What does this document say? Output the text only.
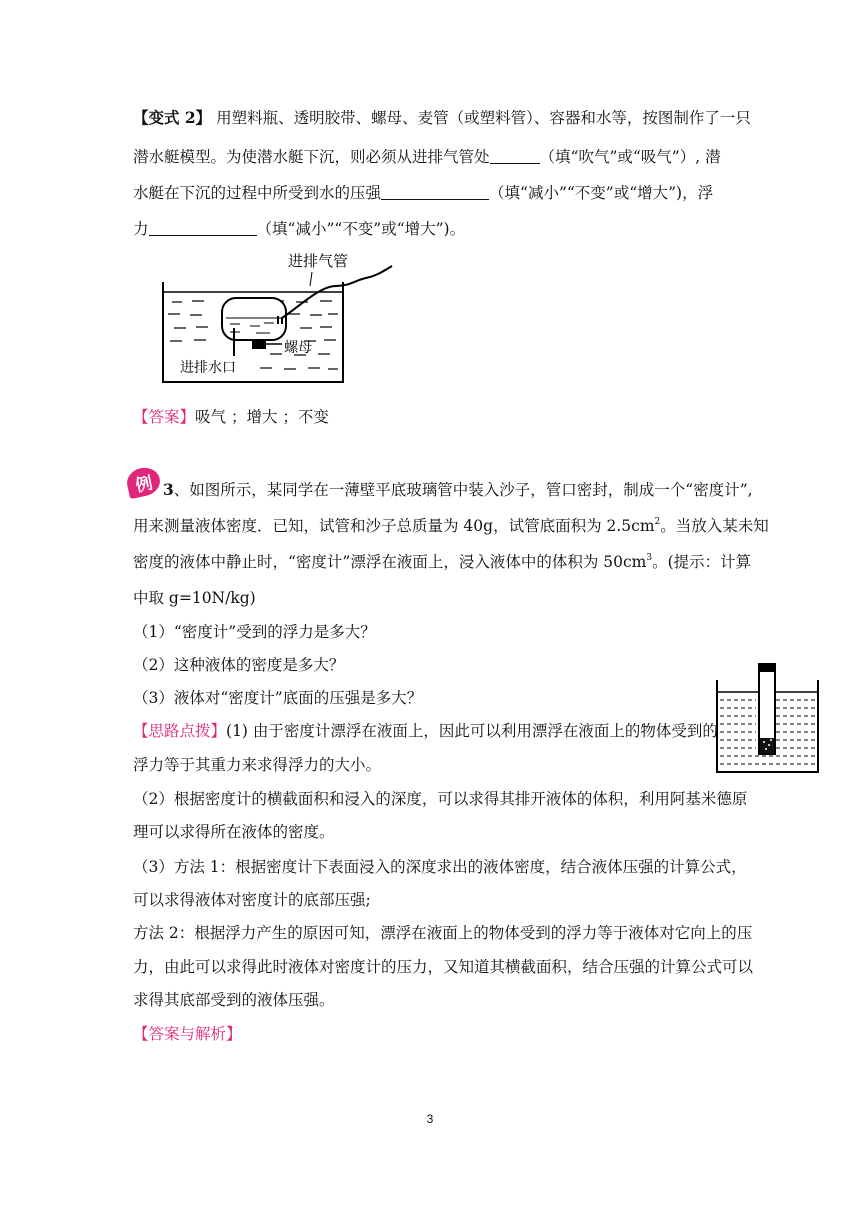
【变式 2】 用塑料瓶、透明胶带、螺母、麦管（或塑料管）、容器和水等，按图制作了一只
潜水艇模型。为使潜水艇下沉，则必须从进排气管处	（填“吹气”或“吸气”）, 潜
水艇在下沉的过程中所受到水的压强	（填“减小”“不变”或“增大”)，浮
力	（填“减小”“不变”或“增大”)。
进排气管
进排水口
螺母
【答案】吸气 ；增大 ；不变
例 3、如图所示，某同学在一薄壁平底玻璃管中装入沙子，管口密封，制成一个“密度计”,
用来测量液体密度．已知，试管和沙子总质量为 40g，试管底面积为 $2.5cm^2$。当放入某未知
密度的液体中静止时，“密度计”漂浮在液面上，浸入液体中的体积为 $50cm^3$。(提示：计算
中取 g=10N/kg)
（1）“密度计”受到的浮力是多大？
（2）这种液体的密度是多大？
（3）液体对“密度计”底面的压强是多大？
【思路点拨】(1) 由于密度计漂浮在液面上，因此可以利用漂浮在液面上的物体受到的
浮力等于其重力来求得浮力的大小。
（2）根据密度计的横截面积和浸入的深度，可以求得其排开液体的体积，利用阿基米德原
理可以求得所在液体的密度。
（3）方法 1：根据密度计下表面浸入的深度求出的液体密度，结合液体压强的计算公式，
可以求得液体对密度计的底部压强;
方法 2：根据浮力产生的原因可知，漂浮在液面上的物体受到的浮力等于液体对它向上的压
力，由此可以求得此时液体对密度计的压力，又知道其横截面积，结合压强的计算公式可以
求得其底部受到的液体压强。
【答案与解析】
3
